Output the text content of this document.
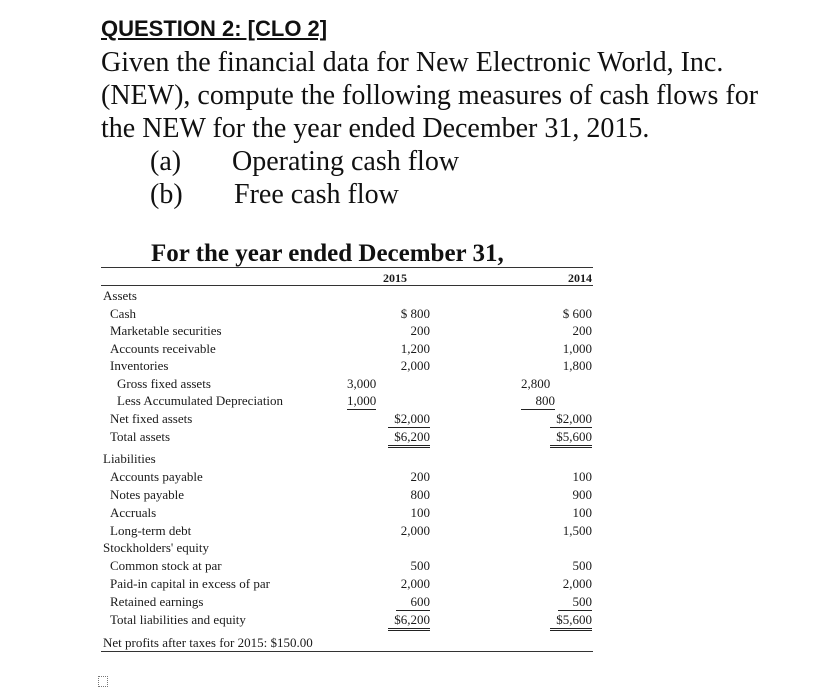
QUESTION 2: [CLO 2]
Given the financial data for New Electronic World, Inc.
(NEW), compute the following measures of cash flows for
the NEW for the year ended December 31, 2015.
(a) Operating cash flow
(b) Free cash flow
For the year ended December 31,
2015	2014
Assets
Cash	$ 800	$ 600
Marketable securities	200	200
Accounts receivable	1,200	1,000
Inventories	2,000	1,800
Gross fixed assets	3,000	2,800
Less Accumulated Depreciation	1,000	800
Net fixed assets	$2,000	$2,000
Total assets	$6,200	$5,600
Liabilities
Accounts payable	200	100
Notes payable	800	900
Accruals	100	100
Long-term debt	2,000	1,500
Stockholders' equity
Common stock at par	500	500
Paid-in capital in excess of par	2,000	2,000
Retained earnings	600	500
Total liabilities and equity	$6,200	$5,600
Net profits after taxes for 2015: $150.00
